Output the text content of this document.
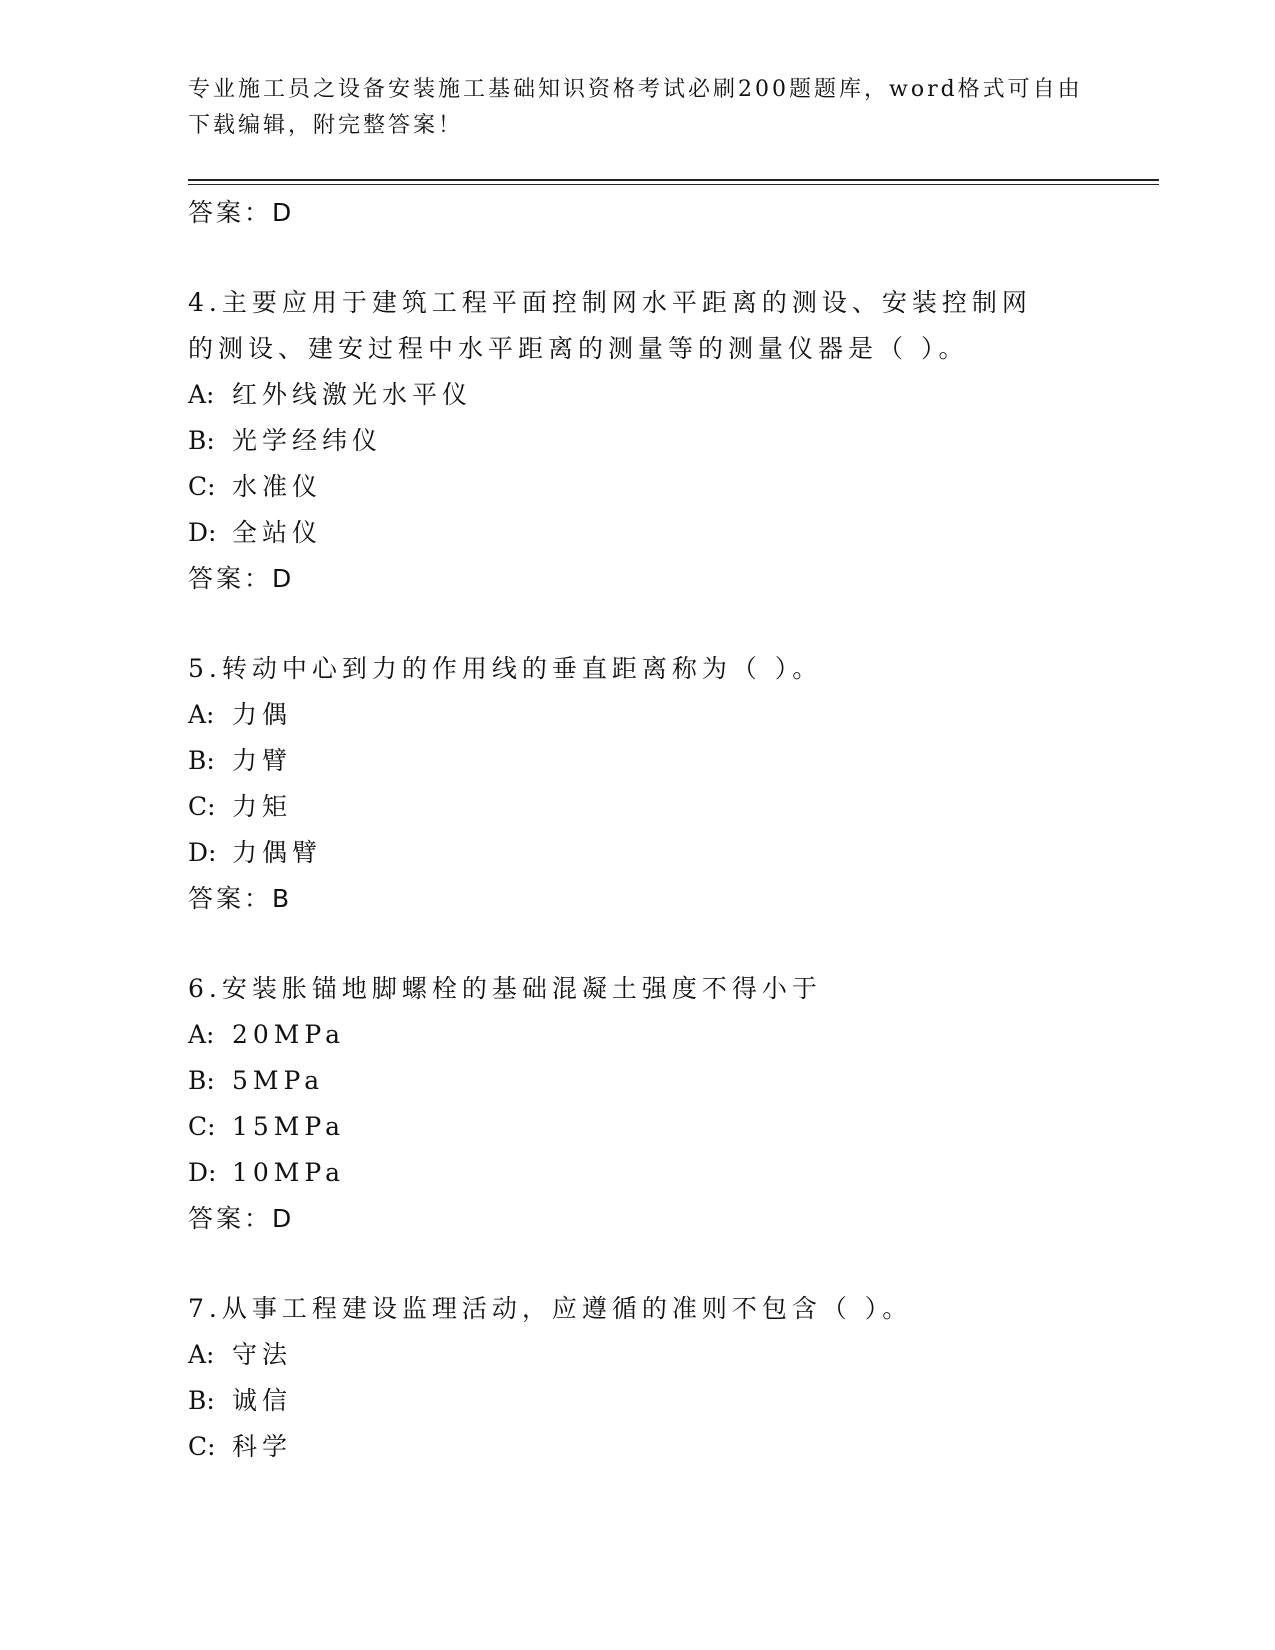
专业施工员之设备安装施工基础知识资格考试必刷200题题库，word格式可自由
下载编辑，附完整答案！
答案：D
4.主要应用于建筑工程平面控制网水平距离的测设、安装控制网的测设、建安过程中水平距离的测量等的测量仪器是（ ）。
A: 红外线激光水平仪
B: 光学经纬仪
C: 水准仪
D: 全站仪
答案：D
5.转动中心到力的作用线的垂直距离称为（ ）。
A: 力偶
B: 力臂
C: 力矩
D: 力偶臂
答案：B
6.安装胀锚地脚螺栓的基础混凝土强度不得小于
A: 20MPa
B: 5MPa
C: 15MPa
D: 10MPa
答案：D
7.从事工程建设监理活动，应遵循的准则不包含（ ）。
A: 守法
B: 诚信
C: 科学
